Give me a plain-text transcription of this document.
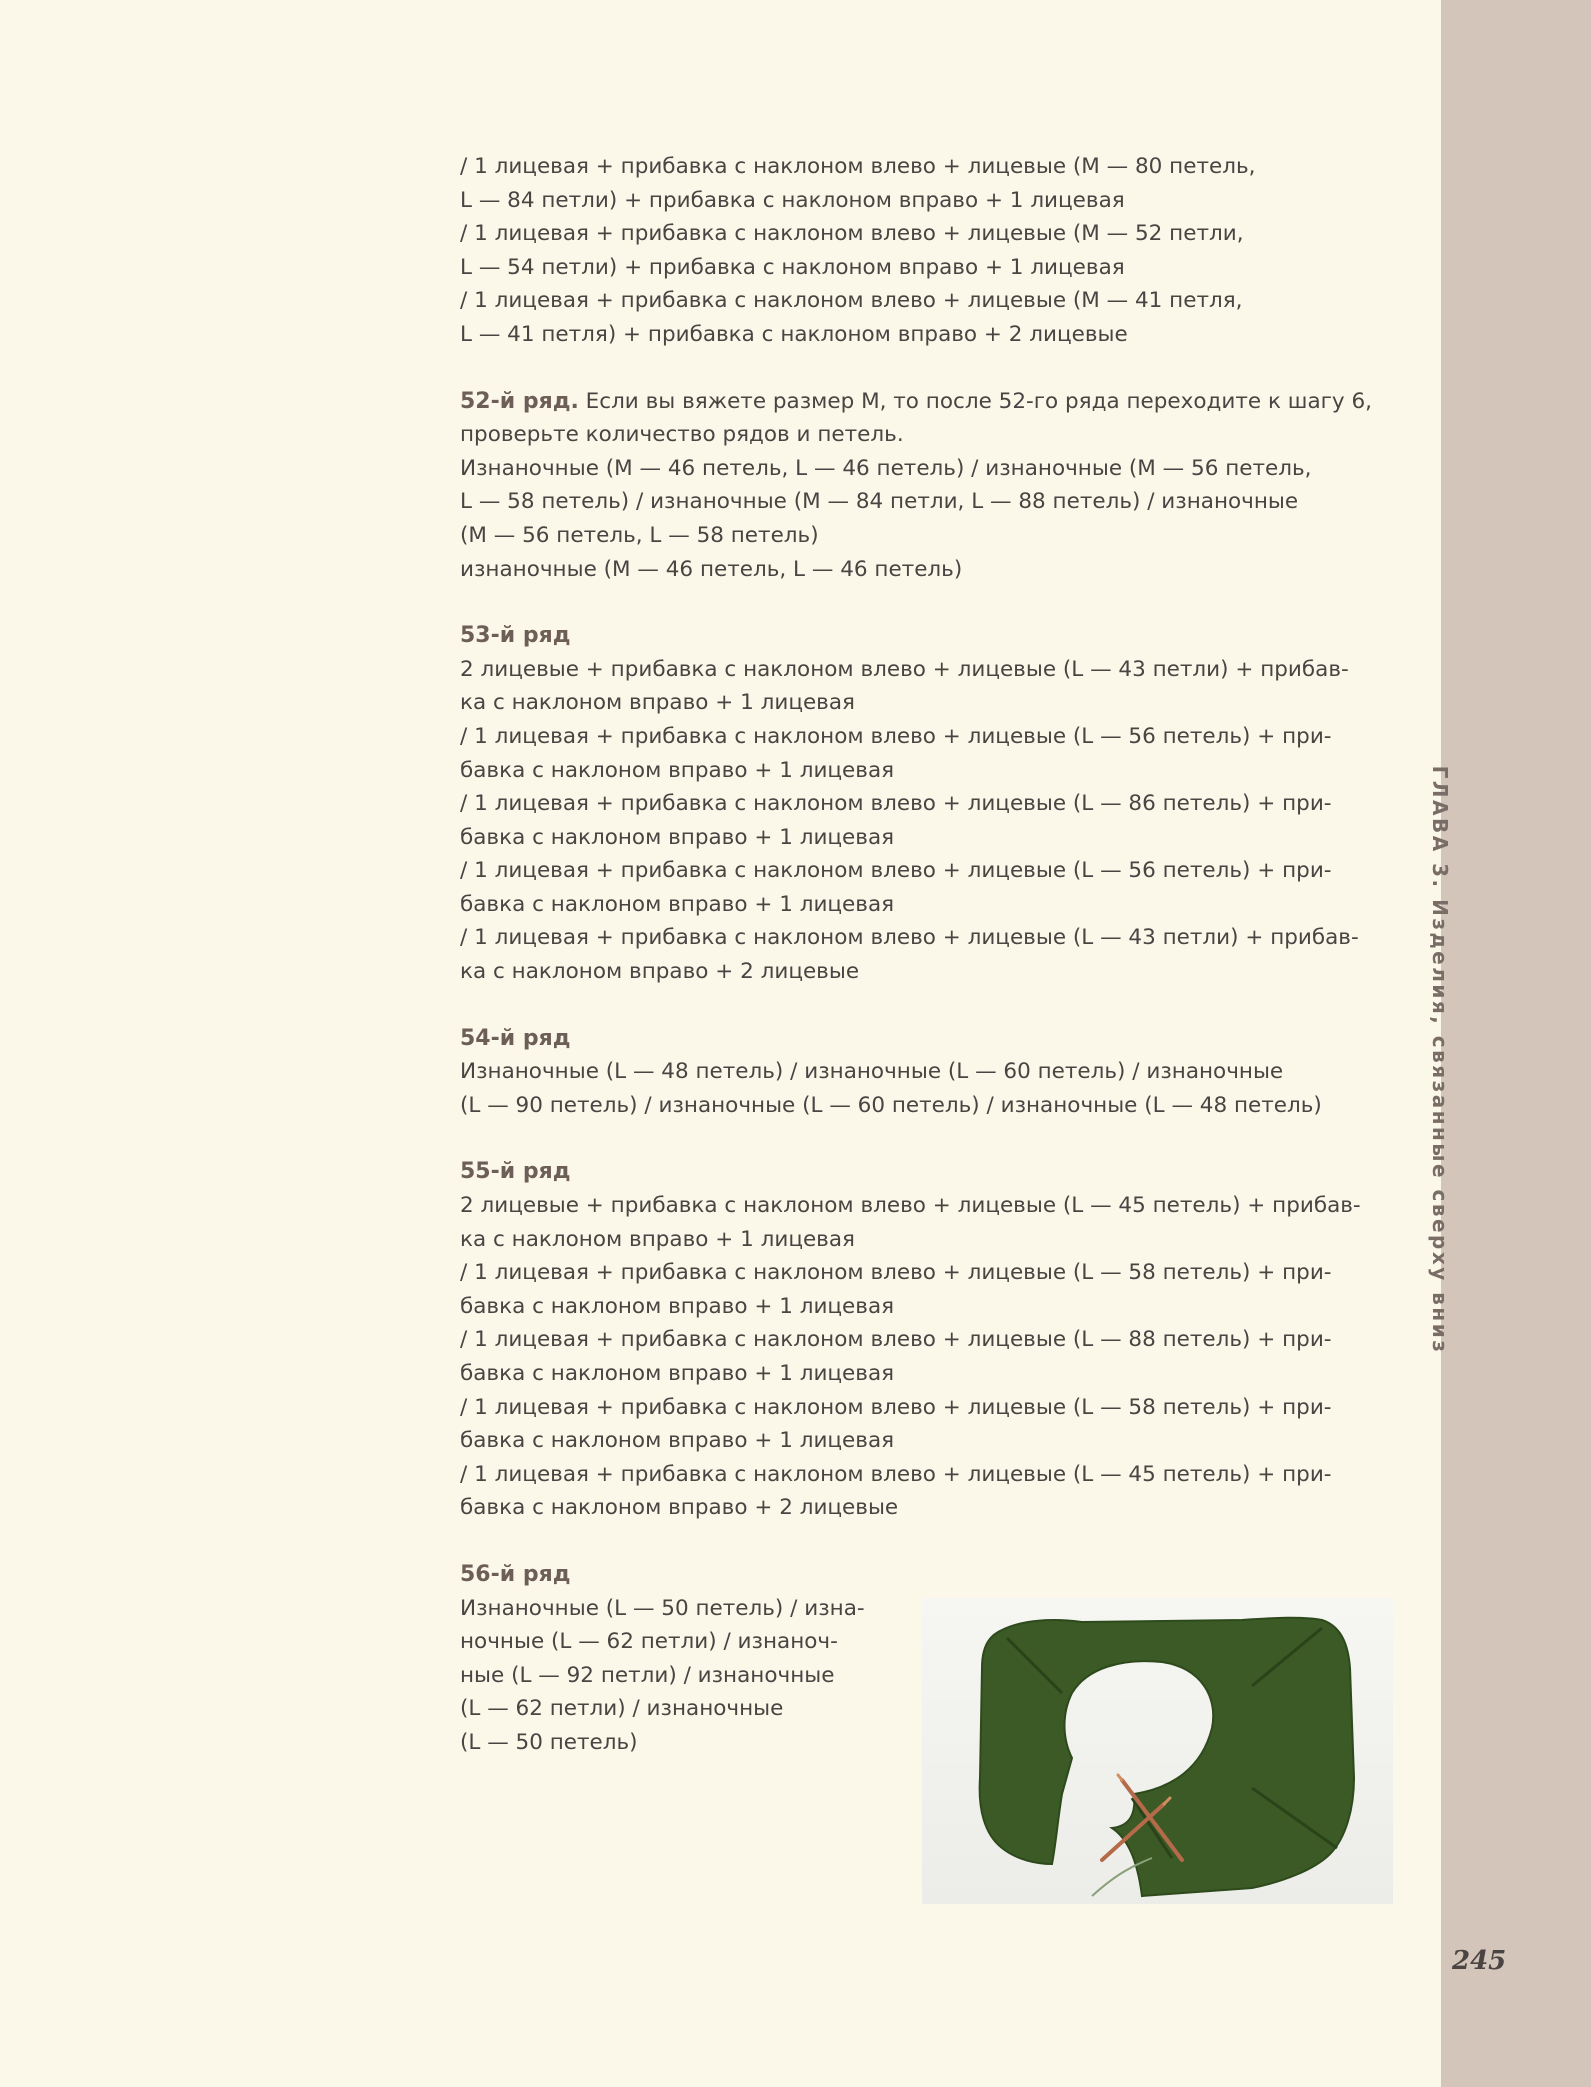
ГЛАВА 3. Изделия, связанные сверху вниз

/ 1 лицевая + прибавка с наклоном влево + лицевые (M — 80 петель,

L — 84 петли) + прибавка с наклоном вправо + 1 лицевая

/ 1 лицевая + прибавка с наклоном влево + лицевые (M — 52 петли,

L — 54 петли) + прибавка с наклоном вправо + 1 лицевая

/ 1 лицевая + прибавка с наклоном влево + лицевые (M — 41 петля,

L — 41 петля) + прибавка с наклоном вправо + 2 лицевые

52-й ряд. Если вы вяжете размер M, то после 52-го ряда переходите к шагу 6,

проверьте количество рядов и петель.

Изнаночные (M — 46 петель, L — 46 петель) / изнаночные (M — 56 петель,

L — 58 петель) / изнаночные (M — 84 петли, L — 88 петель) / изнаночные

(M — 56 петель, L — 58 петель)

изнаночные (M — 46 петель, L — 46 петель)

53-й ряд

2 лицевые + прибавка с наклоном влево + лицевые (L — 43 петли) + прибав-

ка с наклоном вправо + 1 лицевая

/ 1 лицевая + прибавка с наклоном влево + лицевые (L — 56 петель) + при-

бавка с наклоном вправо + 1 лицевая

/ 1 лицевая + прибавка с наклоном влево + лицевые (L — 86 петель) + при-

бавка с наклоном вправо + 1 лицевая

/ 1 лицевая + прибавка с наклоном влево + лицевые (L — 56 петель) + при-

бавка с наклоном вправо + 1 лицевая

/ 1 лицевая + прибавка с наклоном влево + лицевые (L — 43 петли) + прибав-

ка с наклоном вправо + 2 лицевые

54-й ряд

Изнаночные (L — 48 петель) / изнаночные (L — 60 петель) / изнаночные

(L — 90 петель) / изнаночные (L — 60 петель) / изнаночные (L — 48 петель)

55-й ряд

2 лицевые + прибавка с наклоном влево + лицевые (L — 45 петель) + прибав-

ка с наклоном вправо + 1 лицевая

/ 1 лицевая + прибавка с наклоном влево + лицевые (L — 58 петель) + при-

бавка с наклоном вправо + 1 лицевая

/ 1 лицевая + прибавка с наклоном влево + лицевые (L — 88 петель) + при-

бавка с наклоном вправо + 1 лицевая

/ 1 лицевая + прибавка с наклоном влево + лицевые (L — 58 петель) + при-

бавка с наклоном вправо + 1 лицевая

/ 1 лицевая + прибавка с наклоном влево + лицевые (L — 45 петель) + при-

бавка с наклоном вправо + 2 лицевые

56-й ряд

Изнаночные (L — 50 петель) / изна-

ночные (L — 62 петли) / изнаноч-

ные (L — 92 петли) / изнаночные

(L — 62 петли) / изнаночные

(L — 50 петель)

245
